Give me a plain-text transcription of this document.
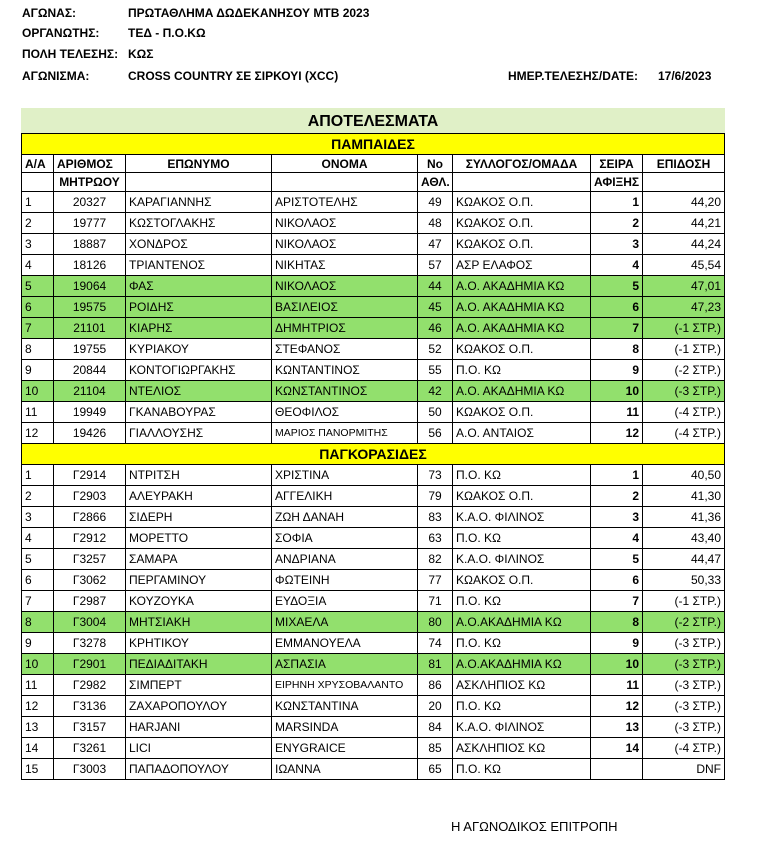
ΑΓΩΝΑΣ:	ΠΡΩΤΑΘΛΗΜΑ ΔΩΔΕΚΑΝΗΣΟΥ MTB 2023
ΟΡΓΑΝΩΤΗΣ: ΤΕΔ - Π.Ο.ΚΩ
ΠΟΛΗ ΤΕΛΕΣΗΣ: ΚΩΣ
ΑΓΩΝΙΣΜΑ:	CROSS COUNTRY ΣΕ ΣΙΡΚΟΥΙ (XCC)	ΗΜΕΡ.ΤΕΛΕΣΗΣ/DATE: 17/6/2023
ΑΠΟΤΕΛΕΣΜΑΤΑ							
ΠΑΜΠΑΙΔΕΣ							
Α/Α	ΑΡΙΘΜΟΣ	ΕΠΩΝΥΜΟ	ΟΝΟΜΑ	Νο	ΣΥΛΛΟΓΟΣ/ΟΜΑΔΑ	ΣΕΙΡΑ	ΕΠΙΔΟΣΗ
	ΜΗΤΡΩΟΥ			ΑΘΛ.		ΑΦΙΞΗΣ	
1	20327	ΚΑΡΑΓΙΑΝΝΗΣ	ΑΡΙΣΤΟΤΕΛΗΣ	49	ΚΩΑΚΟΣ Ο.Π.	1	44,20
2	19777	ΚΩΣΤΟΓΛΑΚΗΣ	ΝΙΚΟΛΑΟΣ	48	ΚΩΑΚΟΣ Ο.Π.	2	44,21
3	18887	ΧΟΝΔΡΟΣ	ΝΙΚΟΛΑΟΣ	47	ΚΩΑΚΟΣ Ο.Π.	3	44,24
4	18126	ΤΡΙΑΝΤΕΝΟΣ	ΝΙΚΗΤΑΣ	57	ΑΣΡ ΕΛΑΦΟΣ	4	45,54
5	19064	ΦΑΣ	ΝΙΚΟΛΑΟΣ	44	Α.Ο. ΑΚΑΔΗΜΙΑ ΚΩ	5	47,01
6	19575	ΡΟΙΔΗΣ	ΒΑΣΙΛΕΙΟΣ	45	Α.Ο. ΑΚΑΔΗΜΙΑ ΚΩ	6	47,23
7	21101	ΚΙΑΡΗΣ	ΔΗΜΗΤΡΙΟΣ	46	Α.Ο. ΑΚΑΔΗΜΙΑ ΚΩ	7	(-1 ΣΤΡ.)
8	19755	ΚΥΡΙΑΚΟΥ	ΣΤΕΦΑΝΟΣ	52	ΚΩΑΚΟΣ Ο.Π.	8	(-1 ΣΤΡ.)
9	20844	ΚΟΝΤΟΓΙΩΡΓΑΚΗΣ	ΚΩΝΤΑΝΤΙΝΟΣ	55	Π.Ο. ΚΩ	9	(-2 ΣΤΡ.)
10	21104	ΝΤΕΛΙΟΣ	ΚΩΝΣΤΑΝΤΙΝΟΣ	42	Α.Ο. ΑΚΑΔΗΜΙΑ ΚΩ	10	(-3 ΣΤΡ.)
11	19949	ΓΚΑΝΑΒΟΥΡΑΣ	ΘΕΟΦΙΛΟΣ	50	ΚΩΑΚΟΣ Ο.Π.	11	(-4 ΣΤΡ.)
12	19426	ΓΙΑΛΛΟΥΣΗΣ	ΜΑΡΙΟΣ ΠΑΝΟΡΜΙΤΗΣ	56	Α.Ο. ΑΝΤΑΙΟΣ	12	(-4 ΣΤΡ.)
ΠΑΓΚΟΡΑΣΙΔΕΣ							
1	Γ2914	ΝΤΡΙΤΣΗ	ΧΡΙΣΤΙΝΑ	73	Π.Ο. ΚΩ	1	40,50
2	Γ2903	ΑΛΕΥΡΑΚΗ	ΑΓΓΕΛΙΚΗ	79	ΚΩΑΚΟΣ Ο.Π.	2	41,30
3	Γ2866	ΣΙΔΕΡΗ	ΖΩΗ ΔΑΝΑΗ	83	Κ.Α.Ο. ΦΙΛΙΝΟΣ	3	41,36
4	Γ2912	ΜΟΡΕΤΤΟ	ΣΟΦΙΑ	63	Π.Ο. ΚΩ	4	43,40
5	Γ3257	ΣΑΜΑΡΑ	ΑΝΔΡΙΑΝΑ	82	Κ.Α.Ο. ΦΙΛΙΝΟΣ	5	44,47
6	Γ3062	ΠΕΡΓΑΜΙΝΟΥ	ΦΩΤΕΙΝΗ	77	ΚΩΑΚΟΣ Ο.Π.	6	50,33
7	Γ2987	ΚΟΥΖΟΥΚΑ	ΕΥΔΟΞΙΑ	71	Π.Ο. ΚΩ	7	(-1 ΣΤΡ.)
8	Γ3004	ΜΗΤΣΙΑΚΗ	ΜΙΧΑΕΛΑ	80	Α.Ο.ΑΚΑΔΗΜΙΑ ΚΩ	8	(-2 ΣΤΡ.)
9	Γ3278	ΚΡΗΤΙΚΟΥ	ΕΜΜΑΝΟΥΕΛΑ	74	Π.Ο. ΚΩ	9	(-3 ΣΤΡ.)
10	Γ2901	ΠΕΔΙΑΔΙΤΑΚΗ	ΑΣΠΑΣΙΑ	81	Α.Ο.ΑΚΑΔΗΜΙΑ ΚΩ	10	(-3 ΣΤΡ.)
11	Γ2982	ΣΙΜΠΕΡΤ	ΕΙΡΗΝΗ ΧΡΥΣΟΒΑΛΑΝΤΟ	86	ΑΣΚΛΗΠΙΟΣ ΚΩ	11	(-3 ΣΤΡ.)
12	Γ3136	ΖΑΧΑΡΟΠΟΥΛΟΥ	ΚΩΝΣΤΑΝΤΙΝΑ	20	Π.Ο. ΚΩ	12	(-3 ΣΤΡ.)
13	Γ3157	HARJANI	MARSINDA	84	Κ.Α.Ο. ΦΙΛΙΝΟΣ	13	(-3 ΣΤΡ.)
14	Γ3261	LICI	ENYGRAICE	85	ΑΣΚΛΗΠΙΟΣ ΚΩ	14	(-4 ΣΤΡ.)
15	Γ3003	ΠΑΠΑΔΟΠΟΥΛΟΥ	ΙΩΑΝΝΑ	65	Π.Ο. ΚΩ		DNF
Η ΑΓΩΝΟΔΙΚΟΣ ΕΠΙΤΡΟΠΗ
